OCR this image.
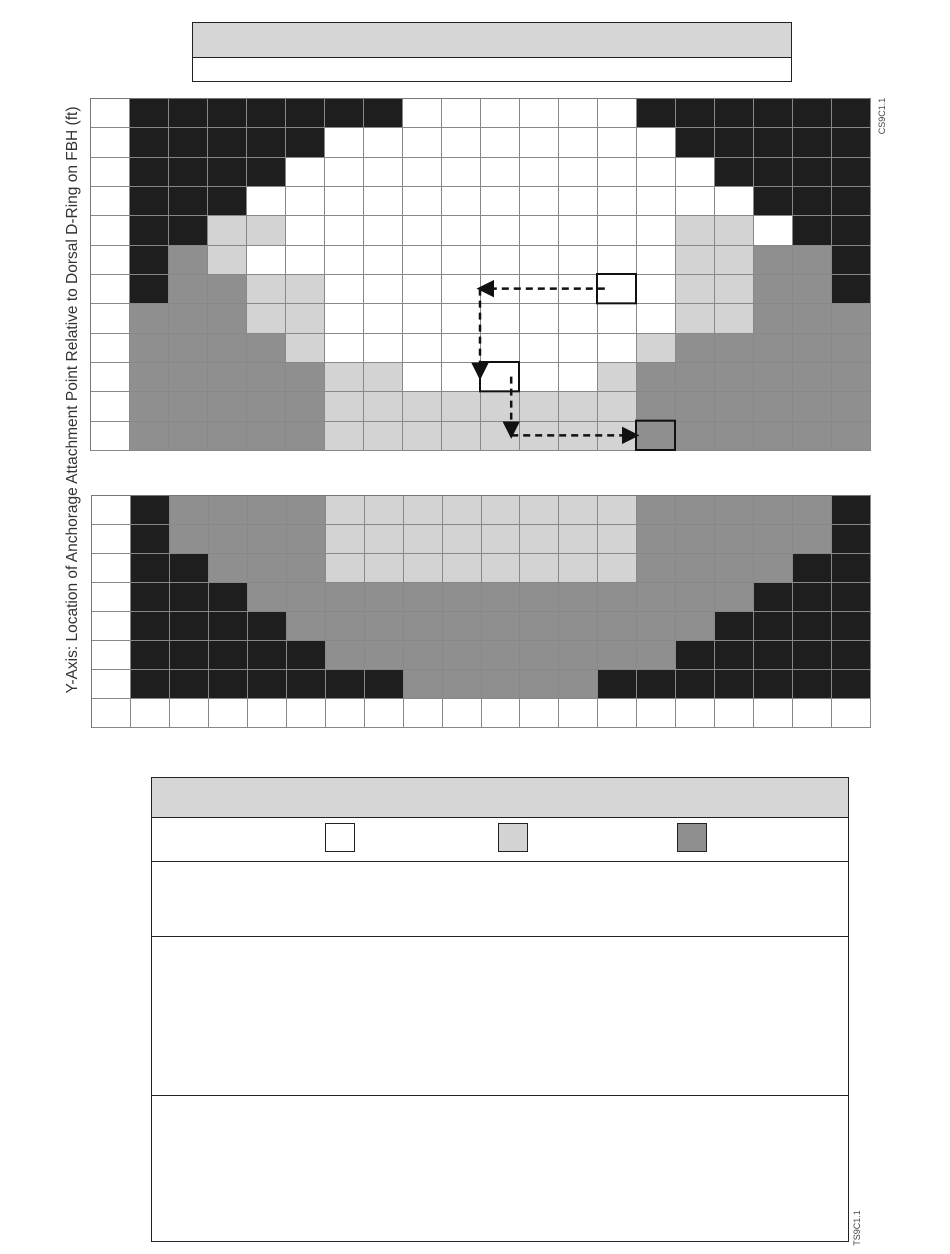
Y-Axis: Location of Anchorage Attachment Point Relative to Dorsal D-Ring on FBH (ft)	CS9C1.1
TS9C1.1
